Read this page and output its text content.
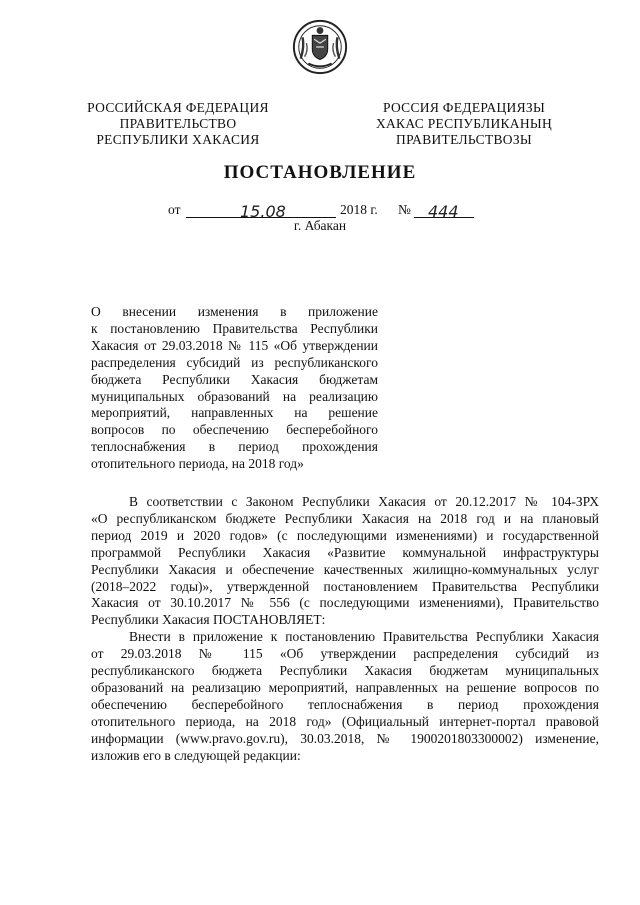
РОССИЙСКАЯ ФЕДЕРАЦИЯ
ПРАВИТЕЛЬСТВО
РЕСПУБЛИКИ ХАКАСИЯ
РОССИЯ ФЕДЕРАЦИЯЗЫ
ХАКАС РЕСПУБЛИКАНЫҢ
ПРАВИТЕЛЬСТВОЗЫ
ПОСТАНОВЛЕНИЕ
от	15.08	2018 г. № 444
г. Абакан
О внесении изменения в приложение
к постановлению Правительства Республики
Хакасия от 29.03.2018 № 115 «Об утверждении
распределения субсидий из республиканского
бюджета Республики Хакасия бюджетам
муниципальных образований на реализацию
мероприятий, направленных на решение
вопросов по обеспечению бесперебойного
теплоснабжения в период прохождения
отопительного периода, на 2018 год»
В соответствии с Законом Республики Хакасия от 20.12.2017 № 104-ЗРХ
«О республиканском бюджете Республики Хакасия на 2018 год и на плановый
период 2019 и 2020 годов» (с последующими изменениями) и государственной
программой Республики Хакасия «Развитие коммунальной инфраструктуры
Республики Хакасия и обеспечение качественных жилищно-коммунальных услуг
(2018–2022 годы)», утвержденной постановлением Правительства Республики
Хакасия от 30.10.2017 № 556 (с последующими изменениями), Правительство
Республики Хакасия ПОСТАНОВЛЯЕТ:
Внести в приложение к постановлению Правительства Республики Хакасия
от 29.03.2018 № 115 «Об утверждении распределения субсидий из
республиканского бюджета Республики Хакасия бюджетам муниципальных
образований на реализацию мероприятий, направленных на решение вопросов по
обеспечению бесперебойного теплоснабжения в период прохождения
отопительного периода, на 2018 год» (Официальный интернет-портал правовой
информации (www.pravo.gov.ru), 30.03.2018, № 1900201803300002) изменение,
изложив его в следующей редакции:
